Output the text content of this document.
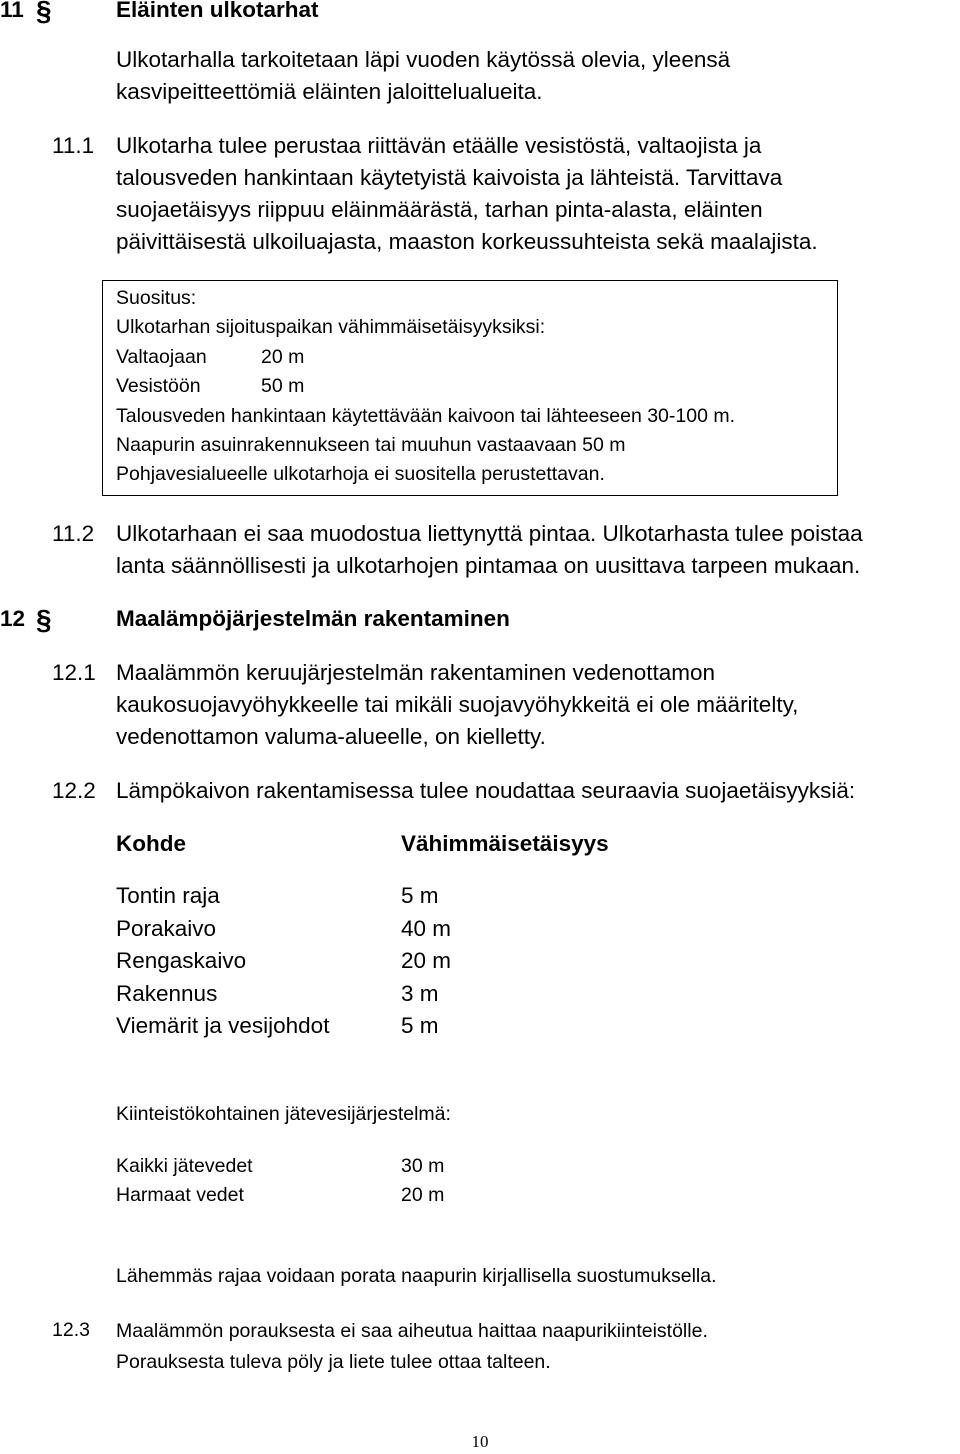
11 §	Eläinten ulkotarhat
Ulkotarhalla tarkoitetaan läpi vuoden käytössä olevia, yleensä
kasvipeitteettömiä eläinten jaloittelualueita.
11.1 Ulkotarha tulee perustaa riittävän etäälle vesistöstä, valtaojista ja
talousveden hankintaan käytetyistä kaivoista ja lähteistä. Tarvittava
suojaetäisyys riippuu eläinmäärästä, tarhan pinta-alasta, eläinten
päivittäisestä ulkoiluajasta, maaston korkeussuhteista sekä maalajista.
Suositus:
Ulkotarhan sijoituspaikan vähimmäisetäisyyksiksi:
Valtaojaan	20 m
Vesistöön	50 m
Talousveden hankintaan käytettävään kaivoon tai lähteeseen 30-100 m.
Naapurin asuinrakennukseen tai muuhun vastaavaan 50 m
Pohjavesialueelle ulkotarhoja ei suositella perustettavan.
11.2 Ulkotarhaan ei saa muodostua liettynyttä pintaa. Ulkotarhasta tulee poistaa
lanta säännöllisesti ja ulkotarhojen pintamaa on uusittava tarpeen mukaan.
12 §	Maalämpöjärjestelmän rakentaminen
12.1 Maalämmön keruujärjestelmän rakentaminen vedenottamon
kaukosuojavyöhykkeelle tai mikäli suojavyöhykkeitä ei ole määritelty,
vedenottamon valuma-alueelle, on kielletty.
12.2 Lämpökaivon rakentamisessa tulee noudattaa seuraavia suojaetäisyyksiä:
Kohde	Vähimmäisetäisyys
Tontin raja	5 m
Porakaivo	40 m
Rengaskaivo	20 m
Rakennus	3 m
Viemärit ja vesijohdot	5 m
Kiinteistökohtainen jätevesijärjestelmä:
Kaikki jätevedet	30 m
Harmaat vedet	20 m
Lähemmäs rajaa voidaan porata naapurin kirjallisella suostumuksella.
12.3 Maalämmön porauksesta ei saa aiheutua haittaa naapurikiinteistölle.
Porauksesta tuleva pöly ja liete tulee ottaa talteen.
10
